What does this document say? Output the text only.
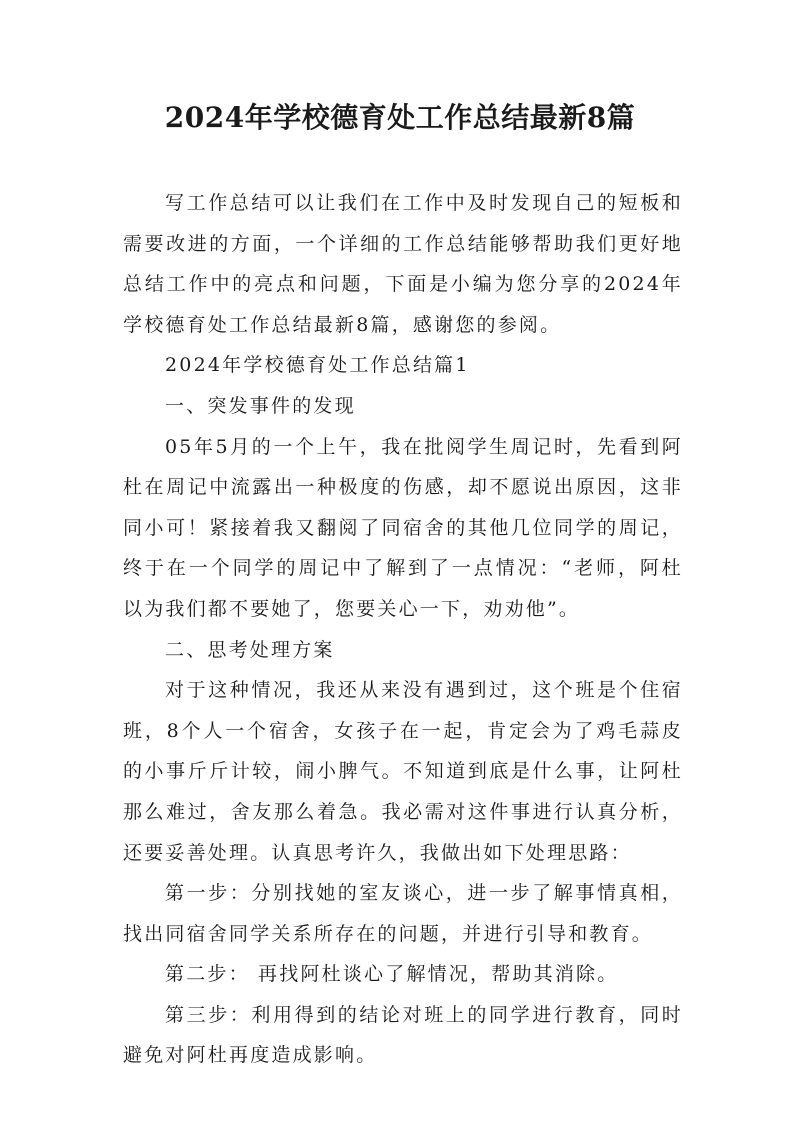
2024年学校德育处工作总结最新8篇

写工作总结可以让我们在工作中及时发现自己的短板和需要改进的方面，一个详细的工作总结能够帮助我们更好地总结工作中的亮点和问题，下面是小编为您分享的2024年学校德育处工作总结最新8篇，感谢您的参阅。

2024年学校德育处工作总结篇1

一、突发事件的发现

05年5月的一个上午，我在批阅学生周记时，先看到阿杜在周记中流露出一种极度的伤感，却不愿说出原因，这非同小可！紧接着我又翻阅了同宿舍的其他几位同学的周记，终于在一个同学的周记中了解到了一点情况：“老师，阿杜以为我们都不要她了，您要关心一下，劝劝他”。

二、思考处理方案

对于这种情况，我还从来没有遇到过，这个班是个住宿班，8个人一个宿舍，女孩子在一起，肯定会为了鸡毛蒜皮的小事斤斤计较，闹小脾气。不知道到底是什么事，让阿杜那么难过，舍友那么着急。我必需对这件事进行认真分析，还要妥善处理。认真思考许久，我做出如下处理思路：

第一步：分别找她的室友谈心，进一步了解事情真相，找出同宿舍同学关系所存在的问题，并进行引导和教育。

第二步： 再找阿杜谈心了解情况，帮助其消除。

第三步：利用得到的结论对班上的同学进行教育，同时避免对阿杜再度造成影响。
